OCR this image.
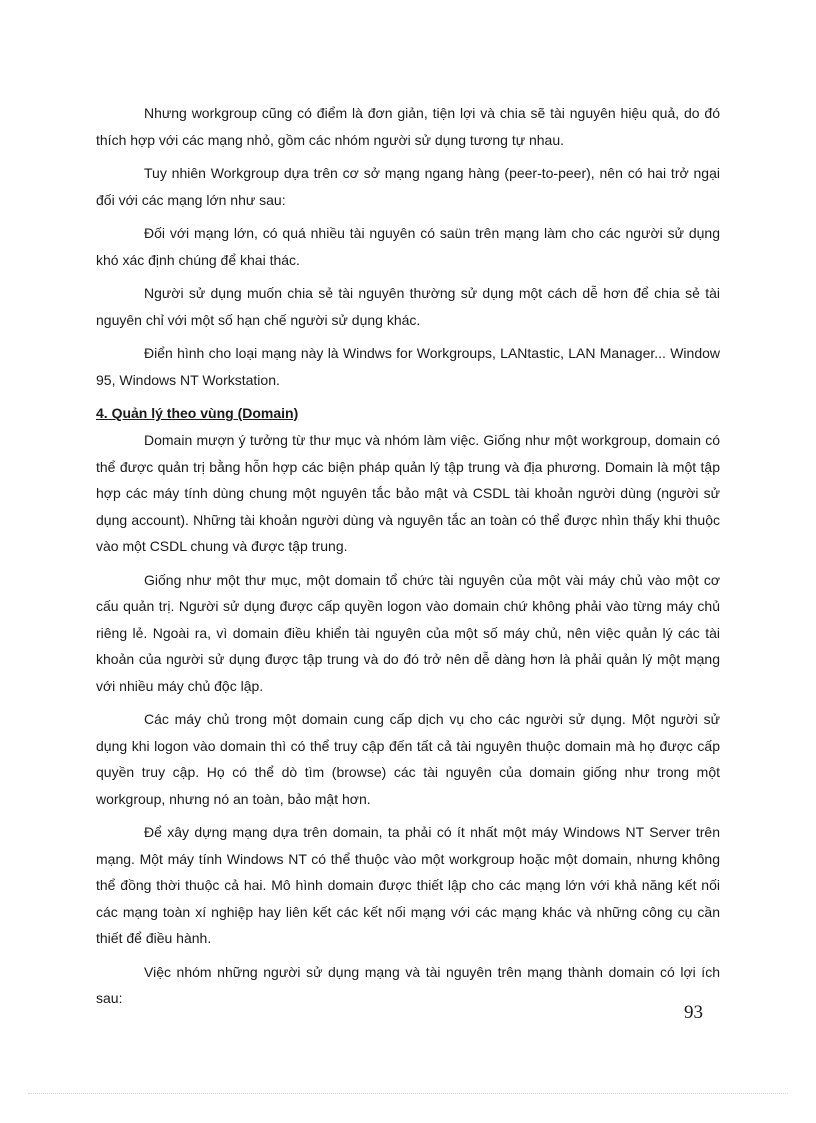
Nhưng workgroup cũng có điểm là đơn giản, tiện lợi và chia sẽ tài nguyên hiệu quả, do đó thích hợp với các mạng nhỏ, gồm các nhóm người sử dụng tương tự nhau.

Tuy nhiên Workgroup dựa trên cơ sở mạng ngang hàng (peer-to-peer), nên có hai trở ngại đối với các mạng lớn như sau:

Đối với mạng lớn, có quá nhiều tài nguyên có saün trên mạng làm cho các người sử dụng khó xác định chúng để khai thác.

Người sử dụng muốn chia sẻ tài nguyên thường sử dụng một cách dễ hơn để chia sẻ tài nguyên chỉ với một số hạn chế người sử dụng khác.

Điển hình cho loại mạng này là Windws for Workgroups, LANtastic, LAN Manager... Window 95, Windows NT Workstation.

4. Quản lý theo vùng (Domain)

Domain mượn ý tưởng từ thư mục và nhóm làm việc. Giống như một workgroup, domain có thể được quản trị bằng hỗn hợp các biện pháp quản lý tập trung và địa phương. Domain là một tập hợp các máy tính dùng chung một nguyên tắc bảo mật và CSDL tài khoản người dùng (người sử dụng account). Những tài khoản người dùng và nguyên tắc an toàn có thể được nhìn thấy khi thuộc vào một CSDL chung và được tập trung.

Giống như một thư mục, một domain tổ chức tài nguyên của một vài máy chủ vào một cơ cấu quản trị. Người sử dụng được cấp quyền logon vào domain chứ không phải vào từng máy chủ riêng lẻ. Ngoài ra, vì domain điều khiển tài nguyên của một số máy chủ, nên việc quản lý các tài khoản của người sử dụng được tập trung và do đó trở nên dễ dàng hơn là phải quản lý một mạng với nhiều máy chủ độc lập.

Các máy chủ trong một domain cung cấp dịch vụ cho các người sử dụng. Một người sử dụng khi logon vào domain thì có thể truy cập đến tất cả tài nguyên thuộc domain mà họ được cấp quyền truy cập. Họ có thể dò tìm (browse) các tài nguyên của domain giống như trong một workgroup, nhưng nó an toàn, bảo mật hơn.

Để xây dựng mạng dựa trên domain, ta phải có ít nhất một máy Windows NT Server trên mạng. Một máy tính Windows NT có thể thuộc vào một workgroup hoặc một domain, nhưng không thể đồng thời thuộc cả hai. Mô hình domain được thiết lập cho các mạng lớn với khả năng kết nối các mạng toàn xí nghiệp hay liên kết các kết nối mạng với các mạng khác và những công cụ cần thiết để điều hành.

Việc nhóm những người sử dụng mạng và tài nguyên trên mạng thành domain có lợi ích sau:

93
